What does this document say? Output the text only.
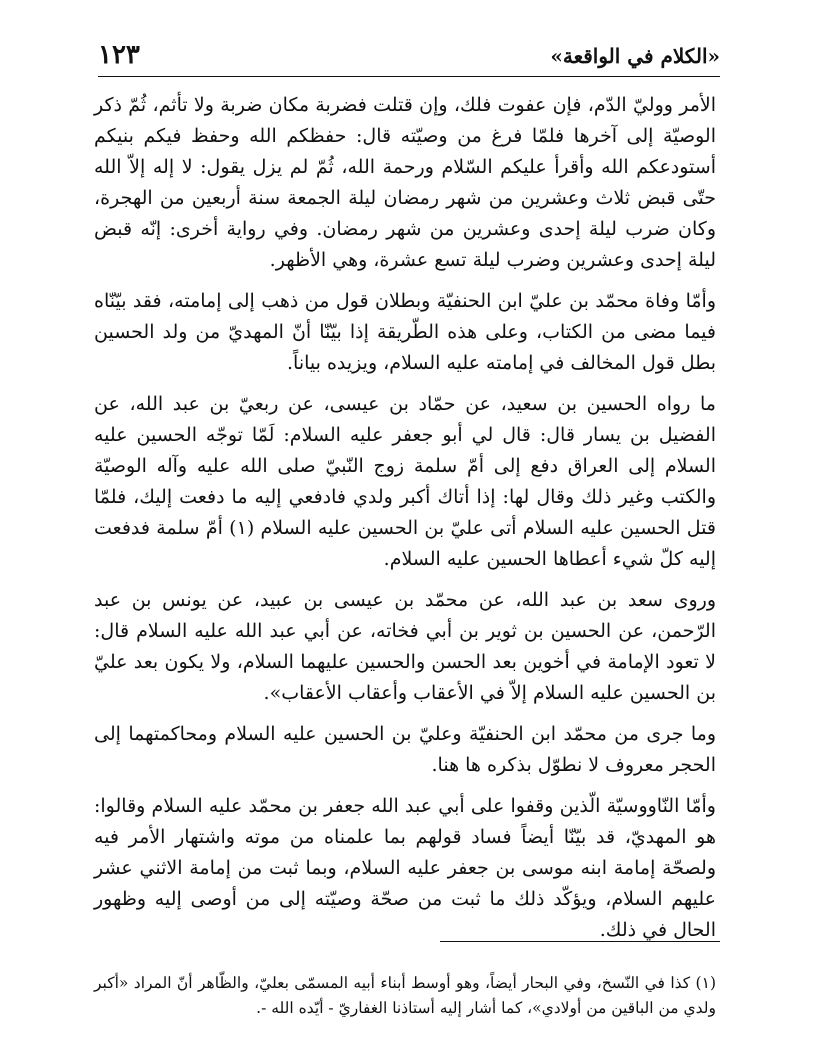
«الكلام في الواقعة»
١٢٣

الأمر ووليّ الدّم، فإن عفوت فلك، وإن قتلت فضربة مكان ضربة ولا تأثم، ثُمّ ذكر الوصيّة إلى آخرها فلمّا فرغ من وصيّته قال: حفظكم الله وحفظ فيكم بنيكم أستودعكم الله وأقرأ عليكم السّلام ورحمة الله، ثُمّ لم يزل يقول: لا إله إلاّ الله حتّى قبض ثلاث وعشرين من شهر رمضان ليلة الجمعة سنة أربعين من الهجرة، وكان ضرب ليلة إحدى وعشرين من شهر رمضان. وفي رواية أخرى: إنّه قبض ليلة إحدى وعشرين وضرب ليلة تسع عشرة، وهي الأظهر.

وأمّا وفاة محمّد بن عليّ ابن الحنفيّة وبطلان قول من ذهب إلى إمامته، فقد بيّنّاه فيما مضى من الكتاب، وعلى هذه الطّريقة إذا بيّنّا أنّ المهديّ من ولد الحسين بطل قول المخالف في إمامته عليه السلام، ويزيده بياناً.

ما رواه الحسين بن سعيد، عن حمّاد بن عيسى، عن ربعيّ بن عبد الله، عن الفضيل بن يسار قال: قال لي أبو جعفر عليه السلام: لَمّا توجّه الحسين عليه السلام إلى العراق دفع إلى أمّ سلمة زوج النّبيّ صلى الله عليه وآله الوصيّة والكتب وغير ذلك وقال لها: إذا أتاك أكبر ولدي فادفعي إليه ما دفعت إليك، فلمّا قتل الحسين عليه السلام أتى عليّ بن الحسين عليه السلام (١) أمّ سلمة فدفعت إليه كلّ شيء أعطاها الحسين عليه السلام.

وروى سعد بن عبد الله، عن محمّد بن عيسى بن عبيد، عن يونس بن عبد الرّحمن، عن الحسين بن ثوير بن أبي فخاته، عن أبي عبد الله عليه السلام قال: لا تعود الإمامة في أخوين بعد الحسن والحسين عليهما السلام، ولا يكون بعد عليّ بن الحسين عليه السلام إلاّ في الأعقاب وأعقاب الأعقاب».

وما جرى من محمّد ابن الحنفيّة وعليّ بن الحسين عليه السلام ومحاكمتهما إلى الحجر معروف لا نطوّل بذكره ها هنا.

وأمّا النّاووسيّة الّذين وقفوا على أبي عبد الله جعفر بن محمّد عليه السلام وقالوا: هو المهديّ، قد بيّنّا أيضاً فساد قولهم بما علمناه من موته واشتهار الأمر فيه ولصحّة إمامة ابنه موسى بن جعفر عليه السلام، وبما ثبت من إمامة الاثني عشر عليهم السلام، ويؤكّد ذلك ما ثبت من صحّة وصيّته إلى من أوصى إليه وظهور الحال في ذلك.

(١) كذا في النّسخ، وفي البحار أيضاً، وهو أوسط أبناء أبيه المسمّى بعليّ، والظّاهر أنّ المراد «أكبر ولدي من الباقين من أولادي»، كما أشار إليه أستاذنا الغفاريّ - أيّده الله -.
